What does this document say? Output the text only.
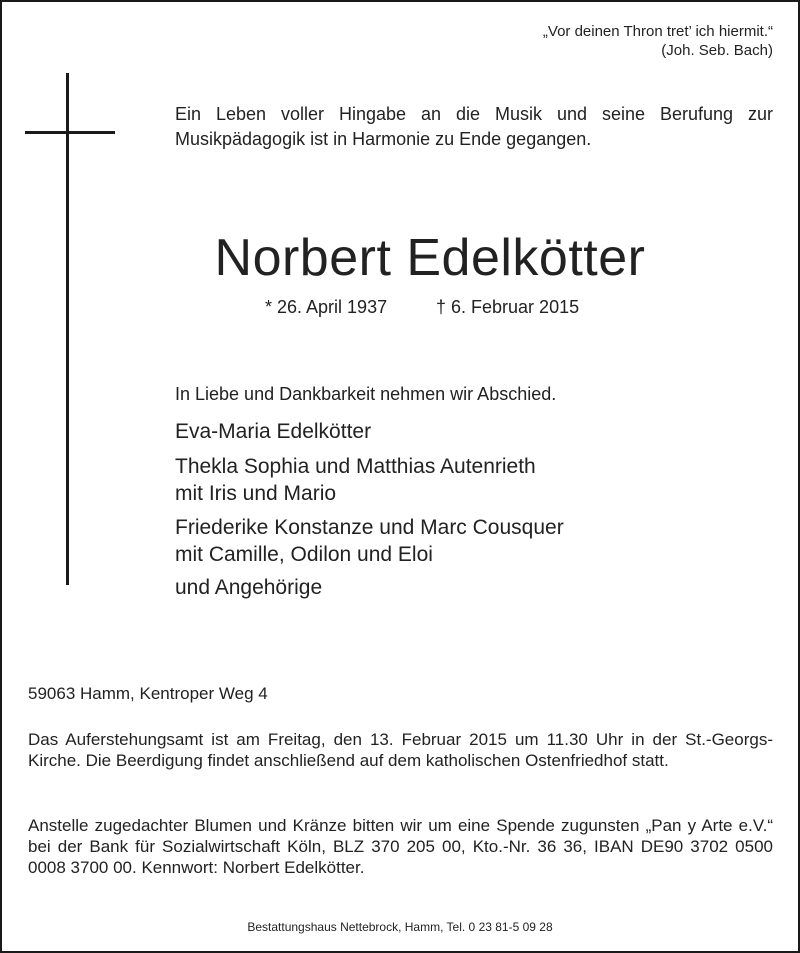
„Vor deinen Thron tret’ ich hiermit.“
(Joh. Seb. Bach)
Ein Leben voller Hingabe an die Musik und seine Berufung zur Musikpädagogik ist in Harmonie zu Ende gegangen.
Norbert Edelkötter
* 26. April 1937	† 6. Februar 2015
In Liebe und Dankbarkeit nehmen wir Abschied.
Eva-Maria Edelkötter
Thekla Sophia und Matthias Autenrieth
mit Iris und Mario
Friederike Konstanze und Marc Cousquer
mit Camille, Odilon und Eloi
und Angehörige
59063 Hamm, Kentroper Weg 4
Das Auferstehungsamt ist am Freitag, den 13. Februar 2015 um 11.30 Uhr in der St.-Georgs-Kirche. Die Beerdigung findet anschließend auf dem katholischen Ostenfriedhof statt.
Anstelle zugedachter Blumen und Kränze bitten wir um eine Spende zugunsten „Pan y Arte e.V.“ bei der Bank für Sozialwirtschaft Köln, BLZ 370 205 00, Kto.-Nr. 36 36, IBAN DE90 3702 0500 0008 3700 00. Kennwort: Norbert Edelkötter.
Bestattungshaus Nettebrock, Hamm, Tel. 0 23 81-5 09 28
